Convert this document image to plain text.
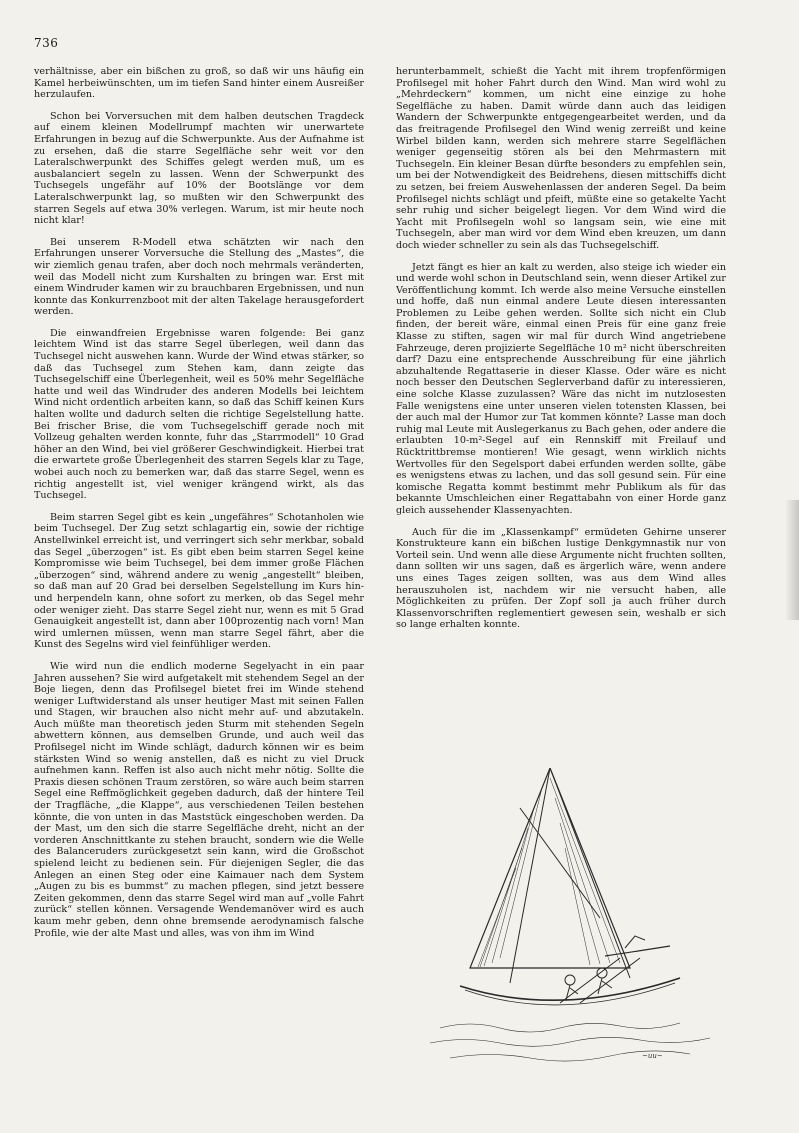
736

verhältnisse, aber ein bißchen zu groß, so daß wir uns häufig ein Kamel herbeiwünschten, um im tiefen Sand hinter einem Ausreißer herzulaufen.

Schon bei Vorversuchen mit dem halben deutschen Tragdeck auf einem kleinen Modellrumpf machten wir unerwartete Erfahrungen in bezug auf die Schwerpunkte. Aus der Aufnahme ist zu ersehen, daß die starre Segelfläche sehr weit vor den Lateralschwerpunkt des Schiffes gelegt werden muß, um es ausbalanciert segeln zu lassen. Wenn der Schwerpunkt des Tuchsegels ungefähr auf 10% der Bootslänge vor dem Lateralschwerpunkt lag, so mußten wir den Schwerpunkt des starren Segels auf etwa 30% verlegen. Warum, ist mir heute noch nicht klar!

Bei unserem R-Modell etwa schätzten wir nach den Erfahrungen unserer Vorversuche die Stellung des „Mastes“, die wir ziemlich genau trafen, aber doch noch mehrmals veränderten, weil das Modell nicht zum Kurshalten zu bringen war. Erst mit einem Windruder kamen wir zu brauchbaren Ergebnissen, und nun konnte das Konkurrenzboot mit der alten Takelage herausgefordert werden.

Die einwandfreien Ergebnisse waren folgende: Bei ganz leichtem Wind ist das starre Segel überlegen, weil dann das Tuchsegel nicht auswehen kann. Wurde der Wind etwas stärker, so daß das Tuchsegel zum Stehen kam, dann zeigte das Tuchsegelschiff eine Überlegenheit, weil es 50% mehr Segelfläche hatte und weil das Windruder des anderen Modells bei leichtem Wind nicht ordentlich arbeiten kann, so daß das Schiff keinen Kurs halten wollte und dadurch selten die richtige Segelstellung hatte. Bei frischer Brise, die vom Tuchsegelschiff gerade noch mit Vollzeug gehalten werden konnte, fuhr das „Starrmodell“ 10 Grad höher an den Wind, bei viel größerer Geschwindigkeit. Hierbei trat die erwartete große Überlegenheit des starren Segels klar zu Tage, wobei auch noch zu bemerken war, daß das starre Segel, wenn es richtig angestellt ist, viel weniger krängend wirkt, als das Tuchsegel.

Beim starren Segel gibt es kein „ungefähres“ Schotanholen wie beim Tuchsegel. Der Zug setzt schlagartig ein, sowie der richtige Anstellwinkel erreicht ist, und verringert sich sehr merkbar, sobald das Segel „überzogen“ ist. Es gibt eben beim starren Segel keine Kompromisse wie beim Tuchsegel, bei dem immer große Flächen „überzogen“ sind, während andere zu wenig „angestellt“ bleiben, so daß man auf 20 Grad bei derselben Segelstellung im Kurs hin- und herpendeln kann, ohne sofort zu merken, ob das Segel mehr oder weniger zieht. Das starre Segel zieht nur, wenn es mit 5 Grad Genauigkeit angestellt ist, dann aber 100prozentig nach vorn! Man wird umlernen müssen, wenn man starre Segel fährt, aber die Kunst des Segelns wird viel feinfühliger werden.

Wie wird nun die endlich moderne Segelyacht in ein paar Jahren aussehen? Sie wird aufgetakelt mit stehendem Segel an der Boje liegen, denn das Profilsegel bietet frei im Winde stehend weniger Luftwiderstand als unser heutiger Mast mit seinen Fallen und Stagen, wir brauchen also nicht mehr auf- und abzutakeln. Auch müßte man theoretisch jeden Sturm mit stehenden Segeln abwettern können, aus demselben Grunde, und auch weil das Profilsegel nicht im Winde schlägt, dadurch können wir es beim stärksten Wind so wenig anstellen, daß es nicht zu viel Druck aufnehmen kann. Reffen ist also auch nicht mehr nötig. Sollte die Praxis diesen schönen Traum zerstören, so wäre auch beim starren Segel eine Reffmöglichkeit gegeben dadurch, daß der hintere Teil der Tragfläche, „die Klappe“, aus verschiedenen Teilen bestehen könnte, die von unten in das Maststück eingeschoben werden. Da der Mast, um den sich die starre Segelfläche dreht, nicht an der vorderen Anschnittkante zu stehen braucht, sondern wie die Welle des Balanceruders zurückgesetzt sein kann, wird die Großschot spielend leicht zu bedienen sein. Für diejenigen Segler, die das Anlegen an einen Steg oder eine Kaimauer nach dem System „Augen zu bis es bummst“ zu machen pflegen, sind jetzt bessere Zeiten gekommen, denn das starre Segel wird man auf „volle Fahrt zurück“ stellen können. Versagende Wendemanöver wird es auch kaum mehr geben, denn ohne bremsende aerodynamisch falsche Profile, wie der alte Mast und alles, was von ihm im Wind

herunterbammelt, schießt die Yacht mit ihrem tropfenförmigen Profilsegel mit hoher Fahrt durch den Wind. Man wird wohl zu „Mehrdeckern“ kommen, um nicht eine einzige zu hohe Segelfläche zu haben. Damit würde dann auch das leidigen Wandern der Schwerpunkte entgegengearbeitet werden, und da das freitragende Profilsegel den Wind wenig zerreißt und keine Wirbel bilden kann, werden sich mehrere starre Segelflächen weniger gegenseitig stören als bei den Mehrmastern mit Tuchsegeln. Ein kleiner Besan dürfte besonders zu empfehlen sein, um bei der Notwendigkeit des Beidrehens, diesen mittschiffs dicht zu setzen, bei freiem Auswehenlassen der anderen Segel. Da beim Profilsegel nichts schlägt und pfeift, müßte eine so getakelte Yacht sehr ruhig und sicher beigelegt liegen. Vor dem Wind wird die Yacht mit Profilsegeln wohl so langsam sein, wie eine mit Tuchsegeln, aber man wird vor dem Wind eben kreuzen, um dann doch wieder schneller zu sein als das Tuchsegelschiff.

Jetzt fängt es hier an kalt zu werden, also steige ich wieder ein und werde wohl schon in Deutschland sein, wenn dieser Artikel zur Veröffentlichung kommt. Ich werde also meine Versuche einstellen und hoffe, daß nun einmal andere Leute diesen interessanten Problemen zu Leibe gehen werden. Sollte sich nicht ein Club finden, der bereit wäre, einmal einen Preis für eine ganz freie Klasse zu stiften, sagen wir mal für durch Wind angetriebene Fahrzeuge, deren projizierte Segelfläche 10 m² nicht überschreiten darf? Dazu eine entsprechende Ausschreibung für eine jährlich abzuhaltende Regattaserie in dieser Klasse. Oder wäre es nicht noch besser den Deutschen Seglerverband dafür zu interessieren, eine solche Klasse zuzulassen? Wäre das nicht im nutzlosesten Falle wenigstens eine unter unseren vielen totensten Klassen, bei der auch mal der Humor zur Tat kommen könnte? Lasse man doch ruhig mal Leute mit Auslegerkanus zu Bach gehen, oder andere die erlaubten 10-m²-Segel auf ein Rennskiff mit Freilauf und Rücktrittbremse montieren! Wie gesagt, wenn wirklich nichts Wertvolles für den Segelsport dabei erfunden werden sollte, gäbe es wenigstens etwas zu lachen, und das soll gesund sein. Für eine komische Regatta kommt bestimmt mehr Publikum als für das bekannte Umschleichen einer Regattabahn von einer Horde ganz gleich aussehender Klassenyachten.

Auch für die im „Klassenkampf“ ermüdeten Gehirne unserer Konstrukteure kann ein bißchen lustige Denkgymnastik nur von Vorteil sein. Und wenn alle diese Argumente nicht fruchten sollten, dann sollten wir uns sagen, daß es ärgerlich wäre, wenn andere uns eines Tages zeigen sollten, was aus dem Wind alles herauszuholen ist, nachdem wir nie versucht haben, alle Möglichkeiten zu prüfen. Der Zopf soll ja auch früher durch Klassenvorschriften reglementiert gewesen sein, weshalb er sich so lange erhalten konnte.

~uu~
